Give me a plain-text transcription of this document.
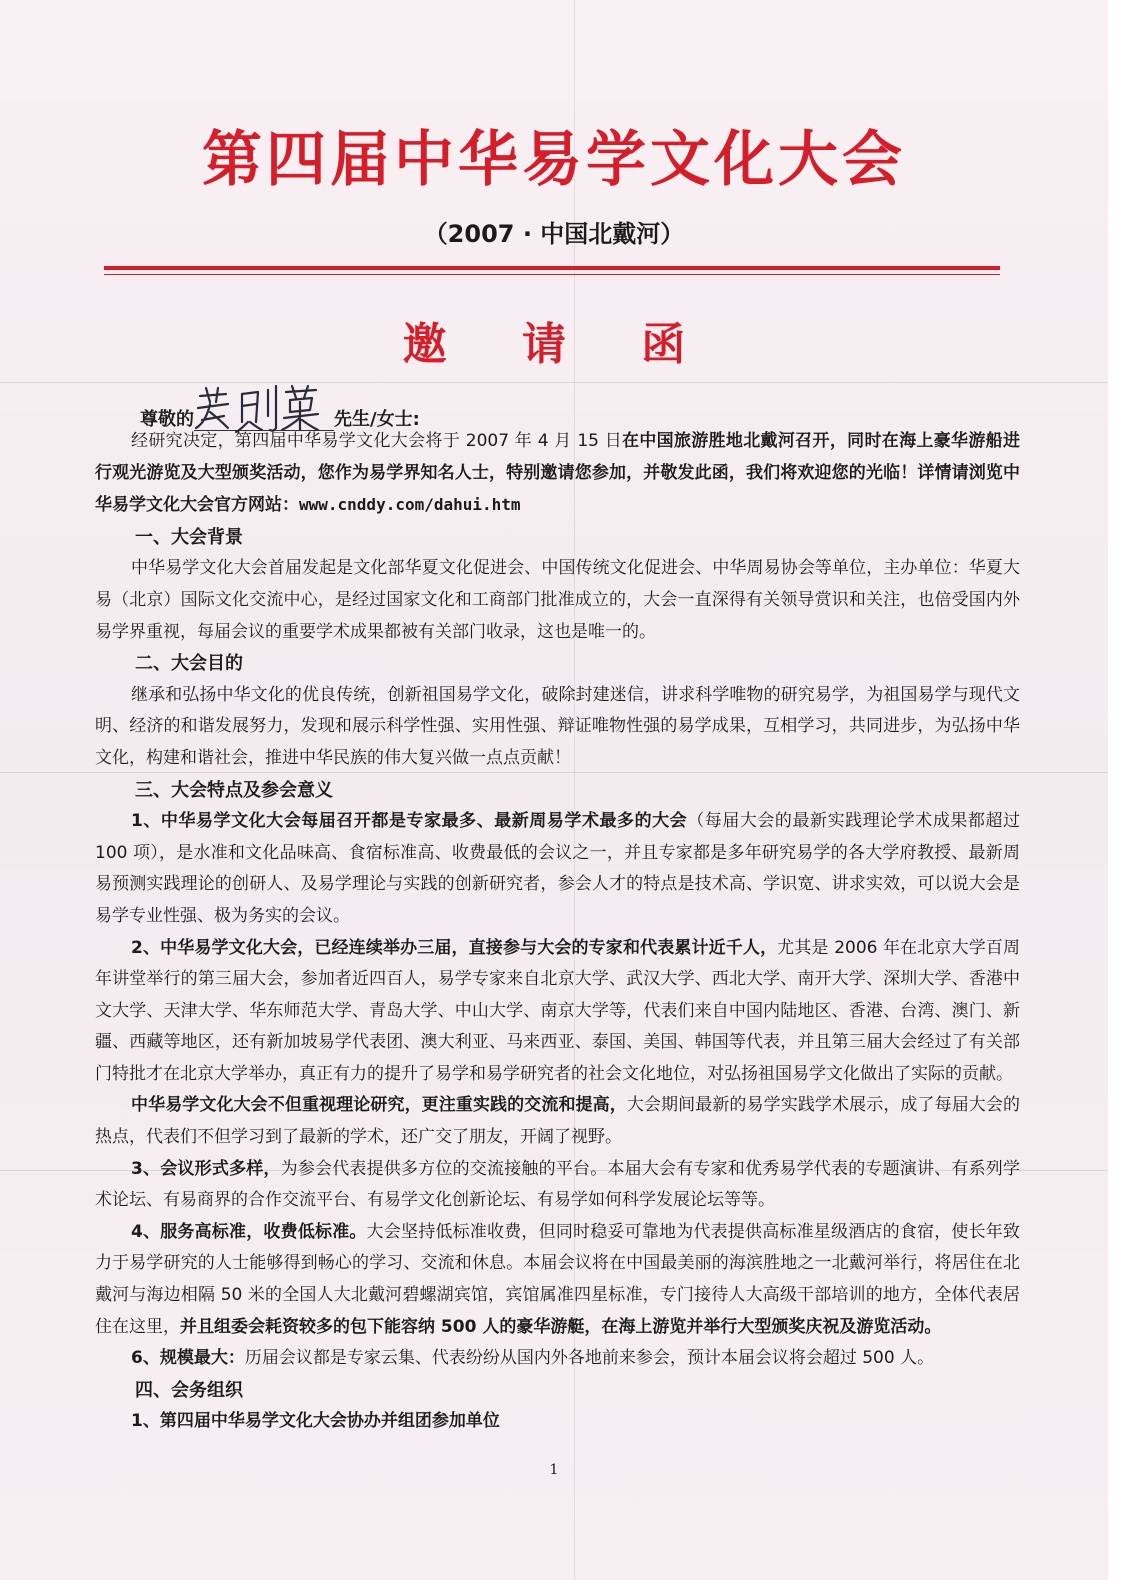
第四届中华易学文化大会
（2007 · 中国北戴河）
邀 请 函
尊敬的	先生/女士:

经研究决定，第四届中华易学文化大会将于 2007 年 4 月 15 日在中国旅游胜地北戴河召开，同时在海上豪华游船进行观光游览及大型颁奖活动，您作为易学界知名人士，特别邀请您参加，并敬发此函，我们将欢迎您的光临！详情请浏览中华易学文化大会官方网站：www.cnddy.com/dahui.htm

一、大会背景

中华易学文化大会首届发起是文化部华夏文化促进会、中国传统文化促进会、中华周易协会等单位，主办单位：华夏大易（北京）国际文化交流中心，是经过国家文化和工商部门批准成立的，大会一直深得有关领导赏识和关注，也倍受国内外易学界重视，每届会议的重要学术成果都被有关部门收录，这也是唯一的。

二、大会目的

继承和弘扬中华文化的优良传统，创新祖国易学文化，破除封建迷信，讲求科学唯物的研究易学，为祖国易学与现代文明、经济的和谐发展努力，发现和展示科学性强、实用性强、辩证唯物性强的易学成果，互相学习，共同进步，为弘扬中华文化，构建和谐社会，推进中华民族的伟大复兴做一点点贡献！

三、大会特点及参会意义

1、中华易学文化大会每届召开都是专家最多、最新周易学术最多的大会（每届大会的最新实践理论学术成果都超过 100 项），是水准和文化品味高、食宿标准高、收费最低的会议之一，并且专家都是多年研究易学的各大学府教授、最新周易预测实践理论的创研人、及易学理论与实践的创新研究者，参会人才的特点是技术高、学识宽、讲求实效，可以说大会是易学专业性强、极为务实的会议。

2、中华易学文化大会，已经连续举办三届，直接参与大会的专家和代表累计近千人，尤其是 2006 年在北京大学百周年讲堂举行的第三届大会，参加者近四百人，易学专家来自北京大学、武汉大学、西北大学、南开大学、深圳大学、香港中文大学、天津大学、华东师范大学、青岛大学、中山大学、南京大学等，代表们来自中国内陆地区、香港、台湾、澳门、新疆、西藏等地区，还有新加坡易学代表团、澳大利亚、马来西亚、泰国、美国、韩国等代表，并且第三届大会经过了有关部门特批才在北京大学举办，真正有力的提升了易学和易学研究者的社会文化地位，对弘扬祖国易学文化做出了实际的贡献。

中华易学文化大会不但重视理论研究，更注重实践的交流和提高，大会期间最新的易学实践学术展示，成了每届大会的热点，代表们不但学习到了最新的学术，还广交了朋友，开阔了视野。

3、会议形式多样，为参会代表提供多方位的交流接触的平台。本届大会有专家和优秀易学代表的专题演讲、有系列学术论坛、有易商界的合作交流平台、有易学文化创新论坛、有易学如何科学发展论坛等等。

4、服务高标准，收费低标准。大会坚持低标准收费，但同时稳妥可靠地为代表提供高标准星级酒店的食宿，使长年致力于易学研究的人士能够得到畅心的学习、交流和休息。本届会议将在中国最美丽的海滨胜地之一北戴河举行，将居住在北戴河与海边相隔 50 米的全国人大北戴河碧螺湖宾馆，宾馆属准四星标准，专门接待人大高级干部培训的地方，全体代表居住在这里，并且组委会耗资较多的包下能容纳 500 人的豪华游艇，在海上游览并举行大型颁奖庆祝及游览活动。

6、规模最大：历届会议都是专家云集、代表纷纷从国内外各地前来参会，预计本届会议将会超过 500 人。

四、会务组织

1、第四届中华易学文化大会协办并组团参加单位

1
